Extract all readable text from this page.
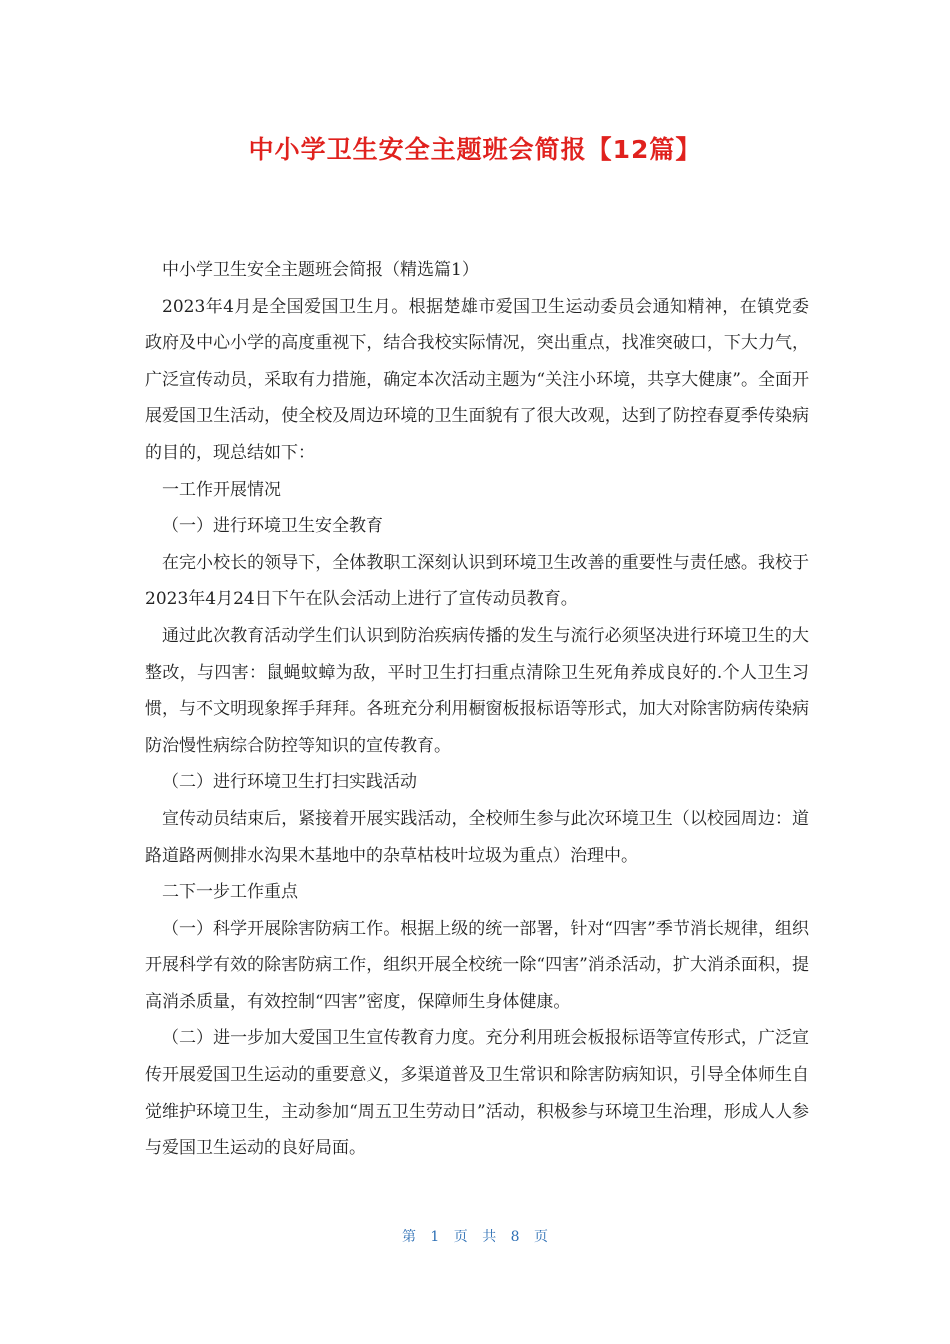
中小学卫生安全主题班会简报【12篇】

中小学卫生安全主题班会简报（精选篇1）

2023年4月是全国爱国卫生月。根据楚雄市爱国卫生运动委员会通知精神，在镇党委政府及中心小学的高度重视下，结合我校实际情况，突出重点，找准突破口，下大力气，广泛宣传动员，采取有力措施，确定本次活动主题为“关注小环境，共享大健康”。全面开展爱国卫生活动，使全校及周边环境的卫生面貌有了很大改观，达到了防控春夏季传染病的目的，现总结如下：

一工作开展情况

（一）进行环境卫生安全教育

在完小校长的领导下，全体教职工深刻认识到环境卫生改善的重要性与责任感。我校于2023年4月24日下午在队会活动上进行了宣传动员教育。

通过此次教育活动学生们认识到防治疾病传播的发生与流行必须坚决进行环境卫生的大整改，与四害：鼠蝇蚊蟑为敌，平时卫生打扫重点清除卫生死角养成良好的.个人卫生习惯，与不文明现象挥手拜拜。各班充分利用橱窗板报标语等形式，加大对除害防病传染病防治慢性病综合防控等知识的宣传教育。

（二）进行环境卫生打扫实践活动

宣传动员结束后，紧接着开展实践活动，全校师生参与此次环境卫生（以校园周边：道路道路两侧排水沟果木基地中的杂草枯枝叶垃圾为重点）治理中。

二下一步工作重点

（一）科学开展除害防病工作。根据上级的统一部署，针对“四害”季节消长规律，组织开展科学有效的除害防病工作，组织开展全校统一除“四害”消杀活动，扩大消杀面积，提高消杀质量，有效控制“四害”密度，保障师生身体健康。

（二）进一步加大爱国卫生宣传教育力度。充分利用班会板报标语等宣传形式，广泛宣传开展爱国卫生运动的重要意义，多渠道普及卫生常识和除害防病知识，引导全体师生自觉维护环境卫生，主动参加“周五卫生劳动日”活动，积极参与环境卫生治理，形成人人参与爱国卫生运动的良好局面。

第 1 页 共 8 页
